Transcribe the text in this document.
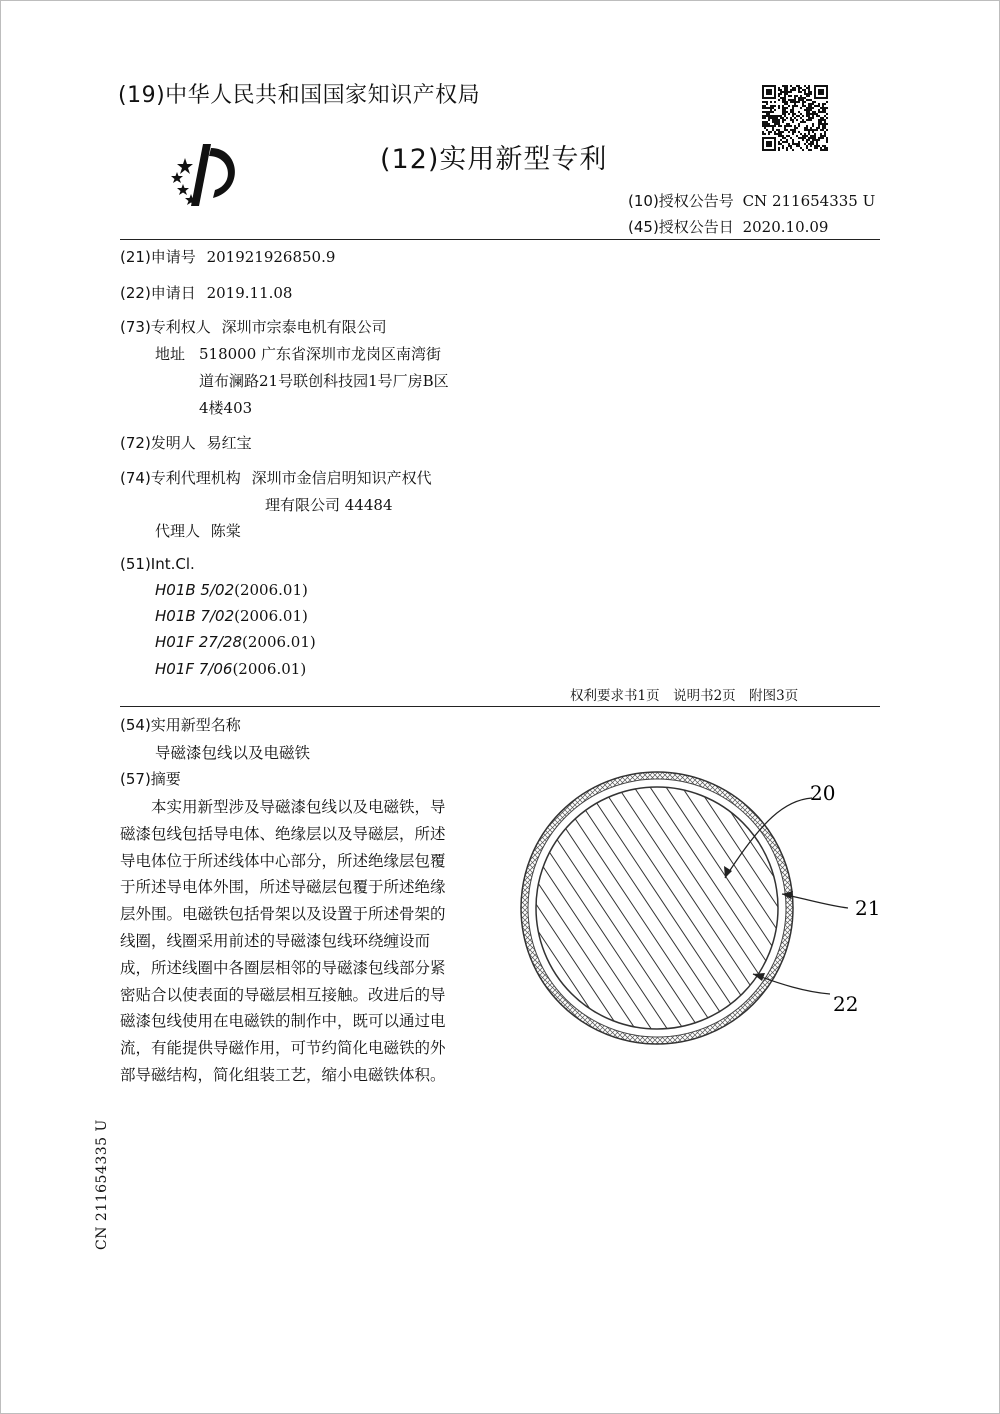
(19)中华人民共和国国家知识产权局
(12)实用新型专利
(10)授权公告号 CN 211654335 U
(45)授权公告日 2020.10.09
(21)申请号 201921926850.9
(22)申请日 2019.11.08
(73)专利权人 深圳市宗泰电机有限公司
地址 518000 广东省深圳市龙岗区南湾街
道布澜路21号联创科技园1号厂房B区
4楼403
(72)发明人 易红宝
(74)专利代理机构 深圳市金信启明知识产权代
理有限公司 44484
代理人 陈棠
(51)Int.Cl.
H01B 5/02(2006.01)
H01B 7/02(2006.01)
H01F 27/28(2006.01)
H01F 7/06(2006.01)
权利要求书1页　说明书2页　附图3页
(54)实用新型名称
导磁漆包线以及电磁铁
(57)摘要

本实用新型涉及导磁漆包线以及电磁铁，导

磁漆包线包括导电体、绝缘层以及导磁层，所述

导电体位于所述线体中心部分，所述绝缘层包覆

于所述导电体外围，所述导磁层包覆于所述绝缘

层外围。电磁铁包括骨架以及设置于所述骨架的

线圈，线圈采用前述的导磁漆包线环绕缠设而

成，所述线圈中各圈层相邻的导磁漆包线部分紧

密贴合以使表面的导磁层相互接触。改进后的导

磁漆包线使用在电磁铁的制作中，既可以通过电

流，有能提供导磁作用，可节约简化电磁铁的外

部导磁结构，简化组装工艺，缩小电磁铁体积。

20
21
22
CN 211654335 U
